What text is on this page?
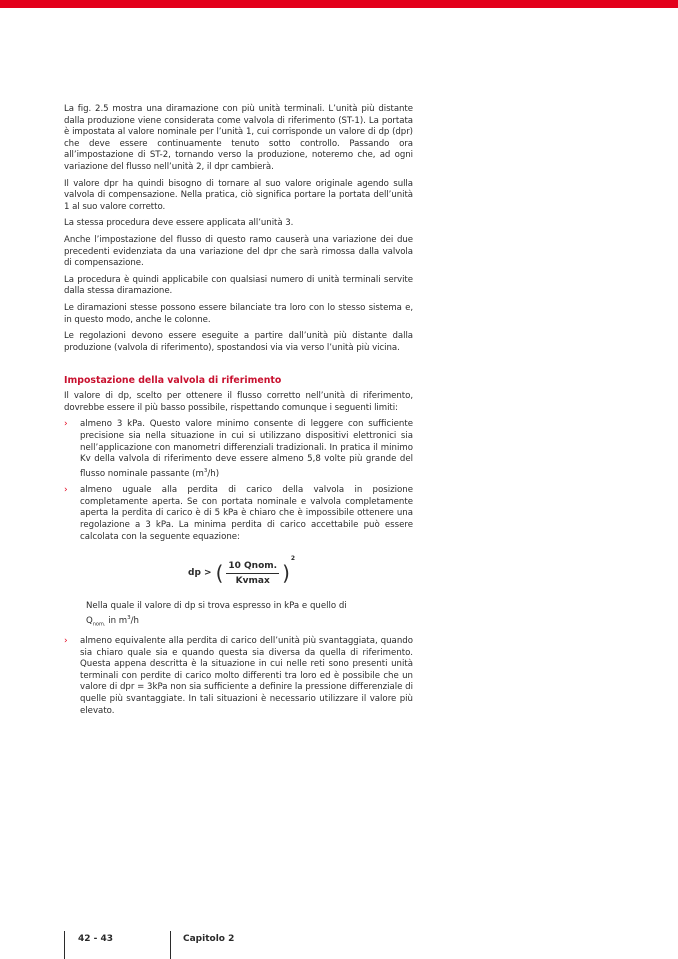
La fig. 2.5 mostra una diramazione con più unità terminali. L’unità più distante dalla produzione viene considerata come valvola di riferimento (ST-1). La portata è impostata al valore nominale per l’unità 1, cui corrisponde un valore di dp (dpr) che deve essere continuamente tenuto sotto controllo. Passando ora all’impostazione di ST-2, tornando verso la produzione, noteremo che, ad ogni variazione del flusso nell’unità 2, il dpr cambierà.

Il valore dpr ha quindi bisogno di tornare al suo valore originale agendo sulla valvola di compensazione. Nella pratica, ciò significa portare la portata dell’unità 1 al suo valore corretto.

La stessa procedura deve essere applicata all’unità 3.

Anche l’impostazione del flusso di questo ramo causerà una variazione dei due precedenti evidenziata da una variazione del dpr che sarà rimossa dalla valvola di compensazione.

La procedura è quindi applicabile con qualsiasi numero di unità terminali servite dalla stessa diramazione.

Le diramazioni stesse possono essere bilanciate tra loro con lo stesso sistema e, in questo modo, anche le colonne.

Le regolazioni devono essere eseguite a partire dall’unità più distante dalla produzione (valvola di riferimento), spostandosi via via verso l’unità più vicina.

Impostazione della valvola di riferimento

Il valore di dp, scelto per ottenere il flusso corretto nell’unità di riferimento, dovrebbe essere il più basso possibile, rispettando comunque i seguenti limiti:

› almeno 3 kPa. Questo valore minimo consente di leggere con sufficiente precisione sia nella situazione in cui si utilizzano dispositivi elettronici sia nell’applicazione con manometri differenziali tradizionali. In pratica il minimo Kv della valvola di riferimento deve essere almeno 5,8 volte più grande del flusso nominale passante $(m^3/h)$
› almeno uguale alla perdita di carico della valvola in posizione completamente aperta. Se con portata nominale e valvola completamente aperta la perdita di carico è di 5 kPa è chiaro che è impossibile ottenere una regolazione a 3 kPa. La minima perdita di carico accettabile può essere calcolata con la seguente equazione:
dp > ( $\frac{\text{10 Qnom.}}{Kvmax}$ )
2
Nella quale il valore di dp si trova espresso in kPa e quello di
$Q_{nom.}$ in $m^3/h$
› almeno equivalente alla perdita di carico dell’unità più svantaggiata, quando sia chiaro quale sia e quando questa sia diversa da quella di riferimento. Questa appena descritta è la situazione in cui nelle reti sono presenti unità terminali con perdite di carico molto differenti tra loro ed è possibile che un valore di dpr = 3kPa non sia sufficiente a definire la pressione differenziale di quelle più svantaggiate. In tali situazioni è necessario utilizzare il valore più elevato.
42 - 43	Capitolo 2
